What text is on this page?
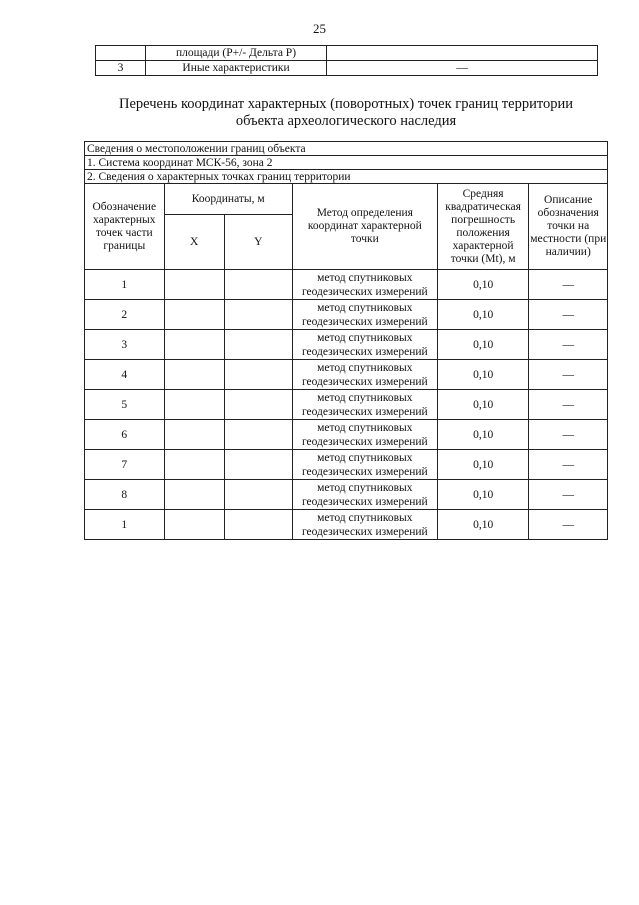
25
	площади (Р+/- Дельта Р)	
3	Иные характеристики	—
Перечень координат характерных (поворотных) точек границ территории
объекта археологического наследия
Сведения о местоположении границ объекта					
1. Система координат МСК-56, зона 2					
2. Сведения о характерных точках границ территории					
Обозначение характерных точек части границы	Координаты, м		Метод определения координат характерной точки	Средняя квадратическая погрешность положения характерной точки (Mt), м	Описание обозначения точки на местности (при наличии)
	X	Y			
1			метод спутниковых геодезических измерений	0,10	—
2			метод спутниковых геодезических измерений	0,10	—
3			метод спутниковых геодезических измерений	0,10	—
4			метод спутниковых геодезических измерений	0,10	—
5			метод спутниковых геодезических измерений	0,10	—
6			метод спутниковых геодезических измерений	0,10	—
7			метод спутниковых геодезических измерений	0,10	—
8			метод спутниковых геодезических измерений	0,10	—
1			метод спутниковых геодезических измерений	0,10	—
